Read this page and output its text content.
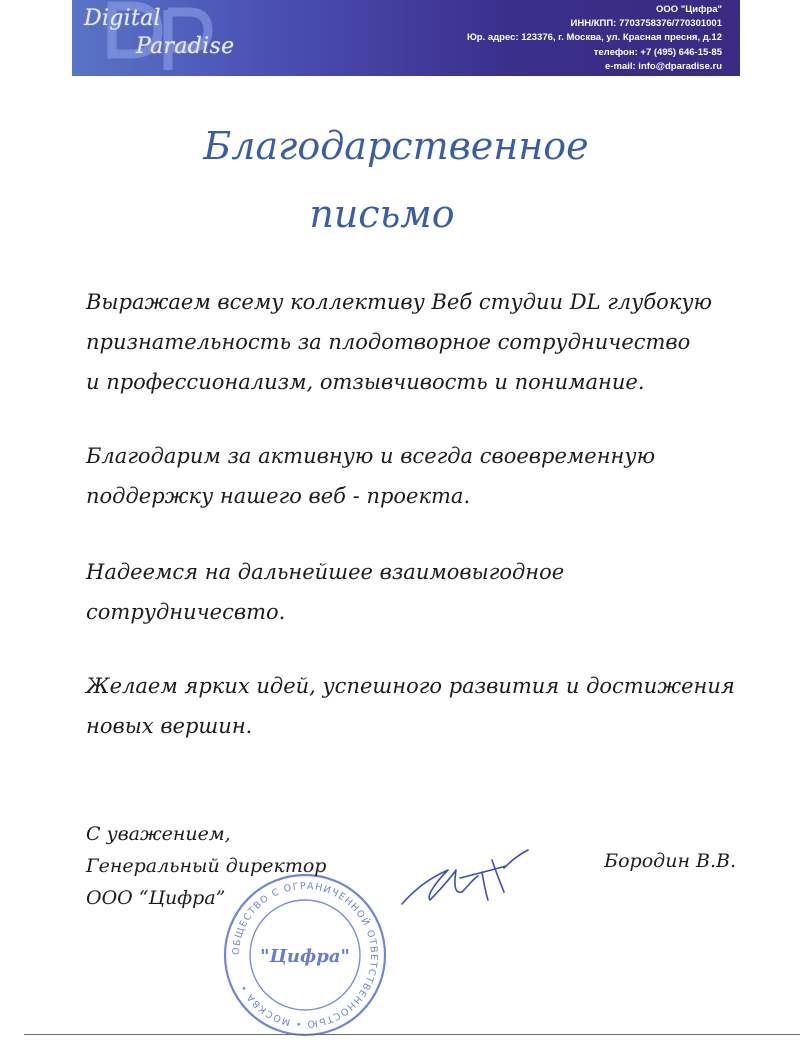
Digital
Paradise
ООО "Цифра"
ИНН/КПП: 7703758376/770301001
Юр. адрес: 123376, г. Москва, ул. Красная пресня, д.12
телефон: +7 (495) 646-15-85
e-mail: info@dparadise.ru
Благодарственное
письмо
Выражаем всему коллективу Веб студии DL глубокую
признательность за плодотворное сотрудничество
и профессионализм, отзывчивость и понимание.
Благодарим за активную и всегда своевременную
поддержку нашего веб - проекта.
Надеемся на дальнейшее взаимовыгодное
сотрудничесвто.
Желаем ярких идей, успешного развития и достижения
новых вершин.
ОБЩЕСТВО С ОГРАНИЧЕННОЙ ОТВЕТСТВЕННОСТЬЮ • МОСКВА •
"Цифра"
С уважением,
Генеральный директор
ООО “Цифра”
Бородин В.В.
